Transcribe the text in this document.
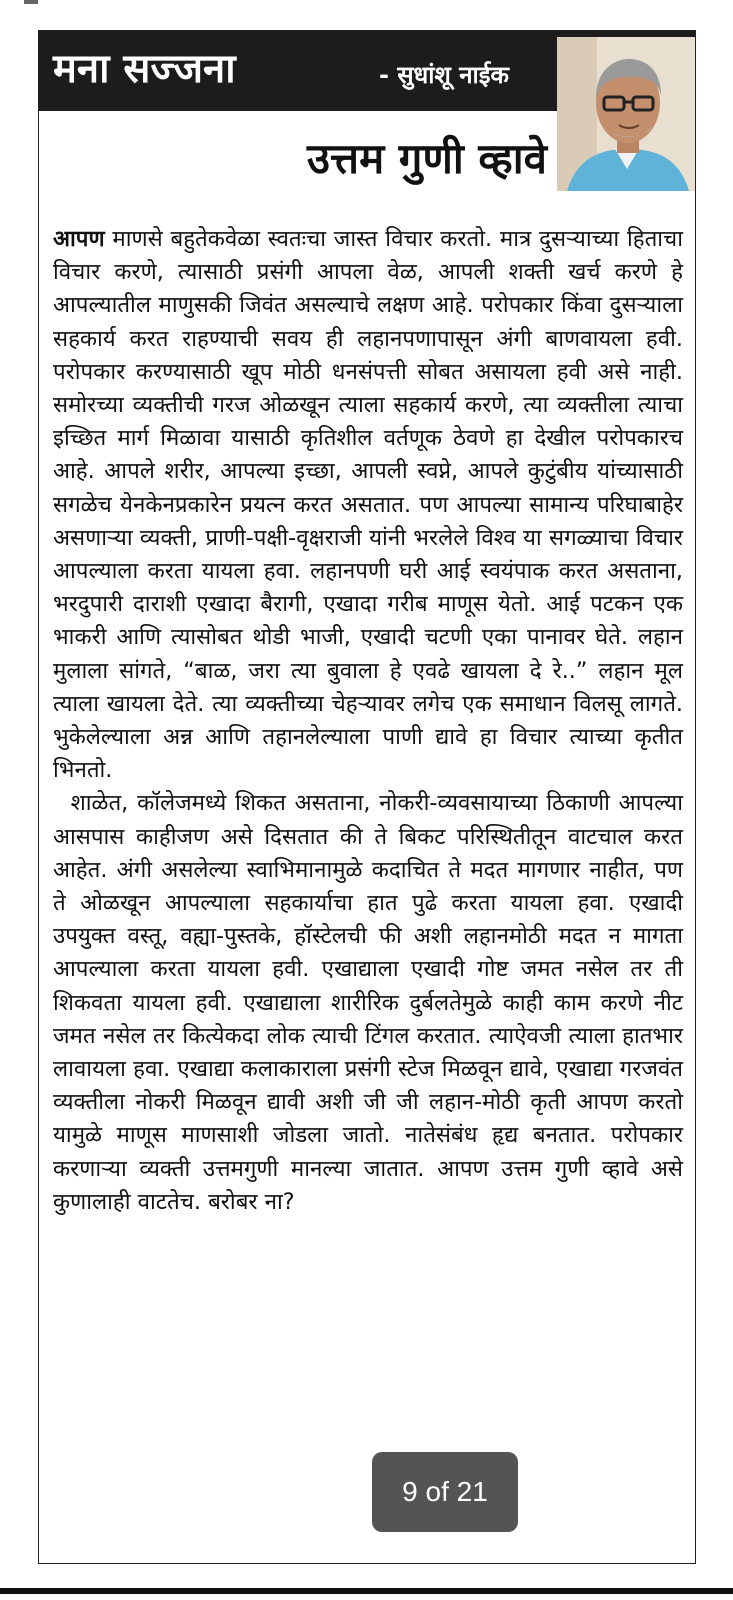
मना सज्जना	- सुधांशू नाईक
उत्तम गुणी व्हावे

आपण माणसे बहुतेकवेळा स्वतःचा जास्त विचार करतो. मात्र दुसऱ्याच्या हिताचा विचार करणे, त्यासाठी प्रसंगी आपला वेळ, आपली शक्ती खर्च करणे हे आपल्यातील माणुसकी जिवंत असल्याचे लक्षण आहे. परोपकार किंवा दुसऱ्याला सहकार्य करत राहण्याची सवय ही लहानपणापासून अंगी बाणवायला हवी. परोपकार करण्यासाठी खूप मोठी धनसंपत्ती सोबत असायला हवी असे नाही. समोरच्या व्यक्तीची गरज ओळखून त्याला सहकार्य करणे, त्या व्यक्तीला त्याचा इच्छित मार्ग मिळावा यासाठी कृतिशील वर्तणूक ठेवणे हा देखील परोपकारच आहे. आपले शरीर, आपल्या इच्छा, आपली स्वप्ने, आपले कुटुंबीय यांच्यासाठी सगळेच येनकेनप्रकारेन प्रयत्न करत असतात. पण आपल्या सामान्य परिघाबाहेर असणाऱ्या व्यक्ती, प्राणी-पक्षी-वृक्षराजी यांनी भरलेले विश्व या सगळ्याचा विचार आपल्याला करता यायला हवा. लहानपणी घरी आई स्वयंपाक करत असताना, भरदुपारी दाराशी एखादा बैरागी, एखादा गरीब माणूस येतो. आई पटकन एक भाकरी आणि त्यासोबत थोडी भाजी, एखादी चटणी एका पानावर घेते. लहान मुलाला सांगते, “बाळ, जरा त्या बुवाला हे एवढे खायला दे रे..” लहान मूल त्याला खायला देते. त्या व्यक्तीच्या चेहऱ्यावर लगेच एक समाधान विलसू लागते. भुकेलेल्याला अन्न आणि तहानलेल्याला पाणी द्यावे हा विचार त्याच्या कृतीत भिनतो.

शाळेत, कॉलेजमध्ये शिकत असताना, नोकरी-व्यवसायाच्या ठिकाणी आपल्या आसपास काहीजण असे दिसतात की ते बिकट परिस्थितीतून वाटचाल करत आहेत. अंगी असलेल्या स्वाभिमानामुळे कदाचित ते मदत मागणार नाहीत, पण ते ओळखून आपल्याला सहकार्याचा हात पुढे करता यायला हवा. एखादी उपयुक्त वस्तू, वह्या-पुस्तके, हॉस्टेलची फी अशी लहानमोठी मदत न मागता आपल्याला करता यायला हवी. एखाद्याला एखादी गोष्ट जमत नसेल तर ती शिकवता यायला हवी. एखाद्याला शारीरिक दुर्बलतेमुळे काही काम करणे नीट जमत नसेल तर कित्येकदा लोक त्याची टिंगल करतात. त्याऐवजी त्याला हातभार लावायला हवा. एखाद्या कलाकाराला प्रसंगी स्टेज मिळवून द्यावे, एखाद्या गरजवंत व्यक्तीला नोकरी मिळवून द्यावी अशी जी जी लहान-मोठी कृती आपण करतो यामुळे माणूस माणसाशी जोडला जातो. नातेसंबंध हृद्य बनतात. परोपकार करणाऱ्या व्यक्ती उत्तमगुणी मानल्या जातात. आपण उत्तम गुणी व्हावे असे कुणालाही वाटतेच. बरोबर ना?

9 of 21
